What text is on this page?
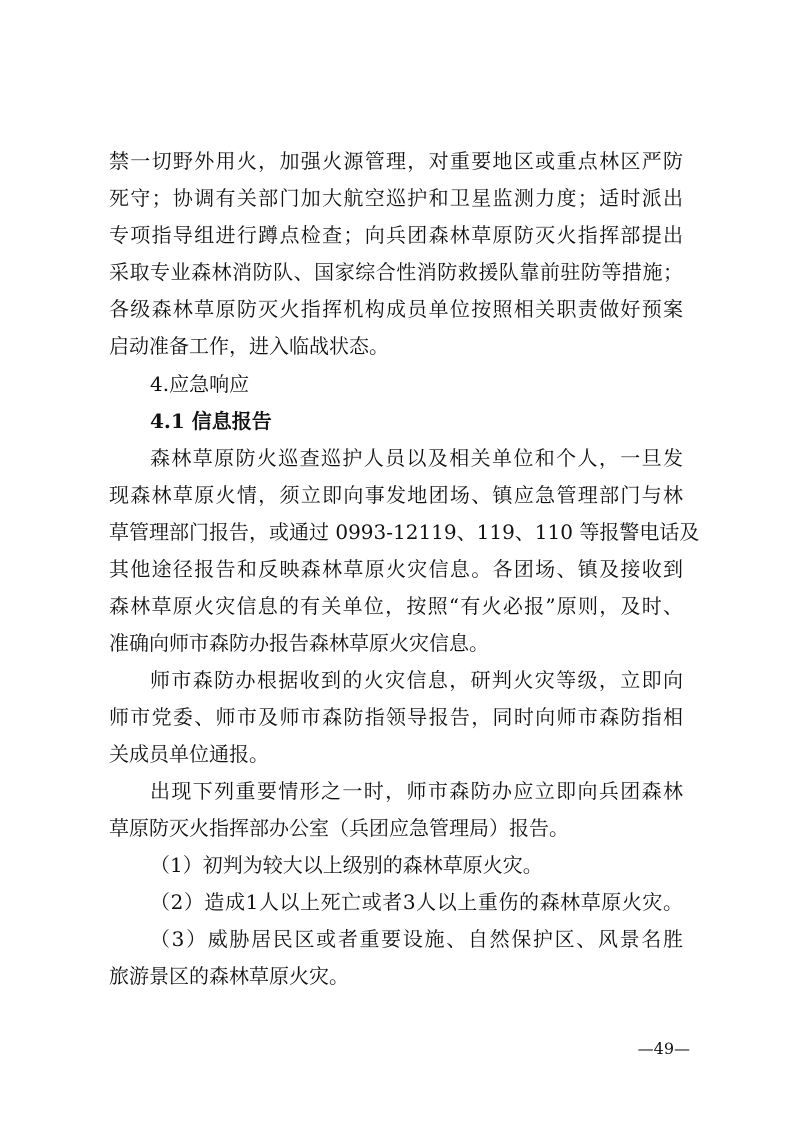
禁一切野外用火，加强火源管理，对重要地区或重点林区严防
死守；协调有关部门加大航空巡护和卫星监测力度；适时派出
专项指导组进行蹲点检查；向兵团森林草原防灭火指挥部提出
采取专业森林消防队、国家综合性消防救援队靠前驻防等措施；
各级森林草原防灭火指挥机构成员单位按照相关职责做好预案
启动准备工作，进入临战状态。
4.应急响应
4.1 信息报告
森林草原防火巡查巡护人员以及相关单位和个人，一旦发
现森林草原火情，须立即向事发地团场、镇应急管理部门与林
草管理部门报告，或通过 0993-12119、119、110 等报警电话及
其他途径报告和反映森林草原火灾信息。各团场、镇及接收到
森林草原火灾信息的有关单位，按照“有火必报”原则，及时、
准确向师市森防办报告森林草原火灾信息。
师市森防办根据收到的火灾信息，研判火灾等级，立即向
师市党委、师市及师市森防指领导报告，同时向师市森防指相
关成员单位通报。
出现下列重要情形之一时，师市森防办应立即向兵团森林
草原防灭火指挥部办公室（兵团应急管理局）报告。
（1）初判为较大以上级别的森林草原火灾。
（2）造成1人以上死亡或者3人以上重伤的森林草原火灾。
（3）威胁居民区或者重要设施、自然保护区、风景名胜
旅游景区的森林草原火灾。
—49—
